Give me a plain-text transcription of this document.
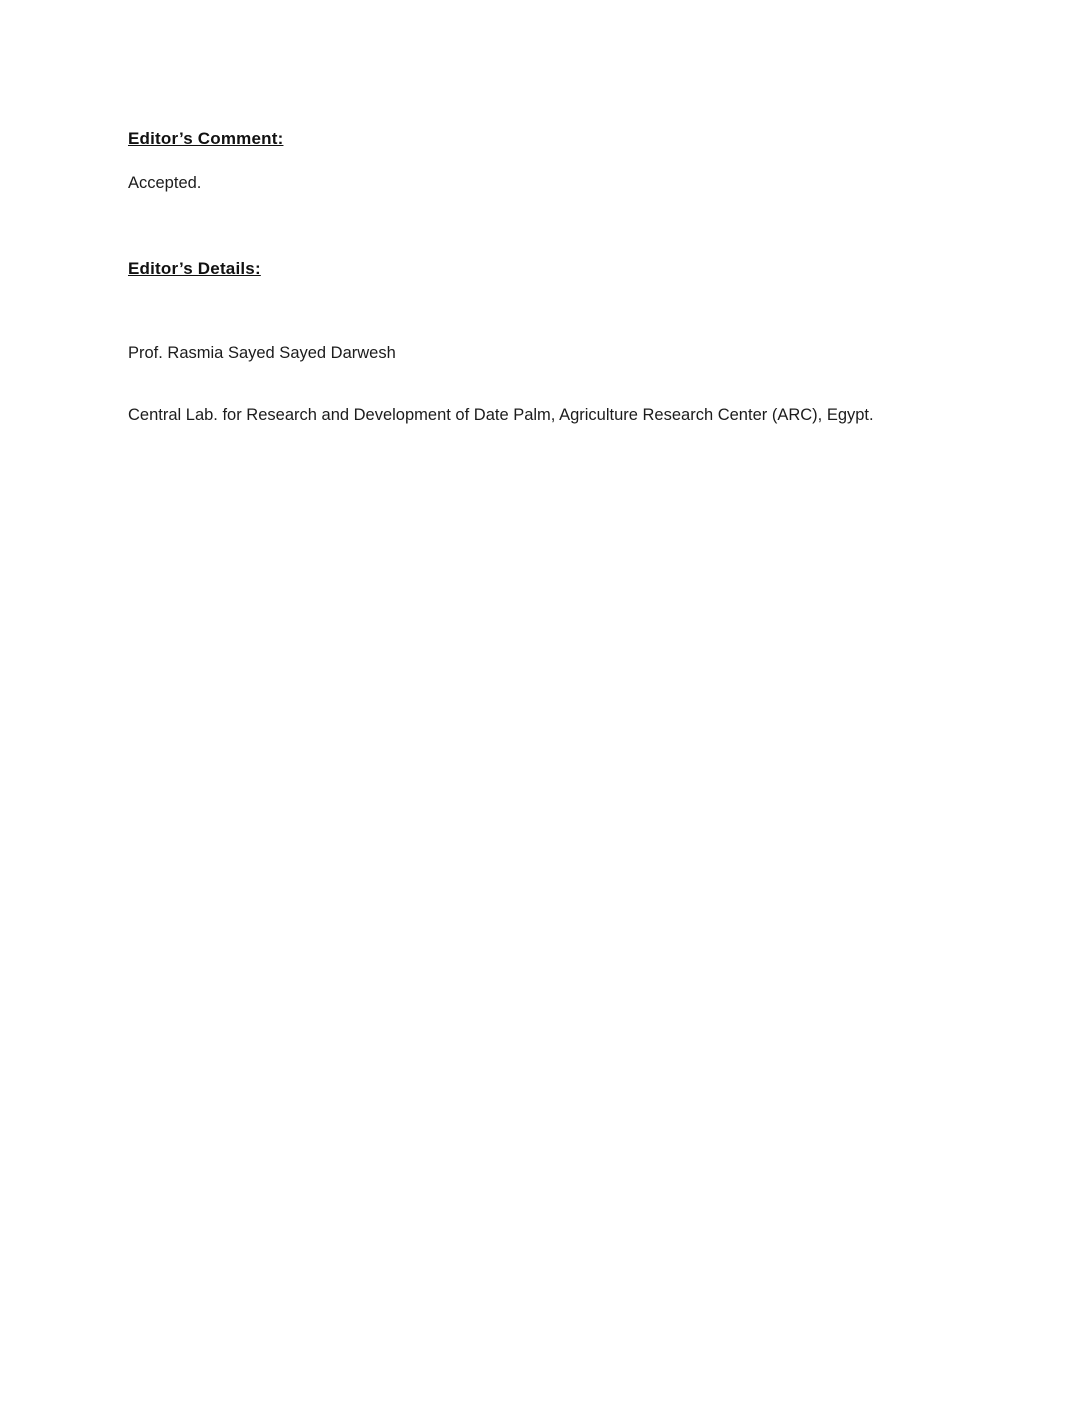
Editor’s Comment:
Accepted.
Editor’s Details:

Prof. Rasmia Sayed Sayed Darwesh

Central Lab. for Research and Development of Date Palm, Agriculture Research Center (ARC), Egypt.
